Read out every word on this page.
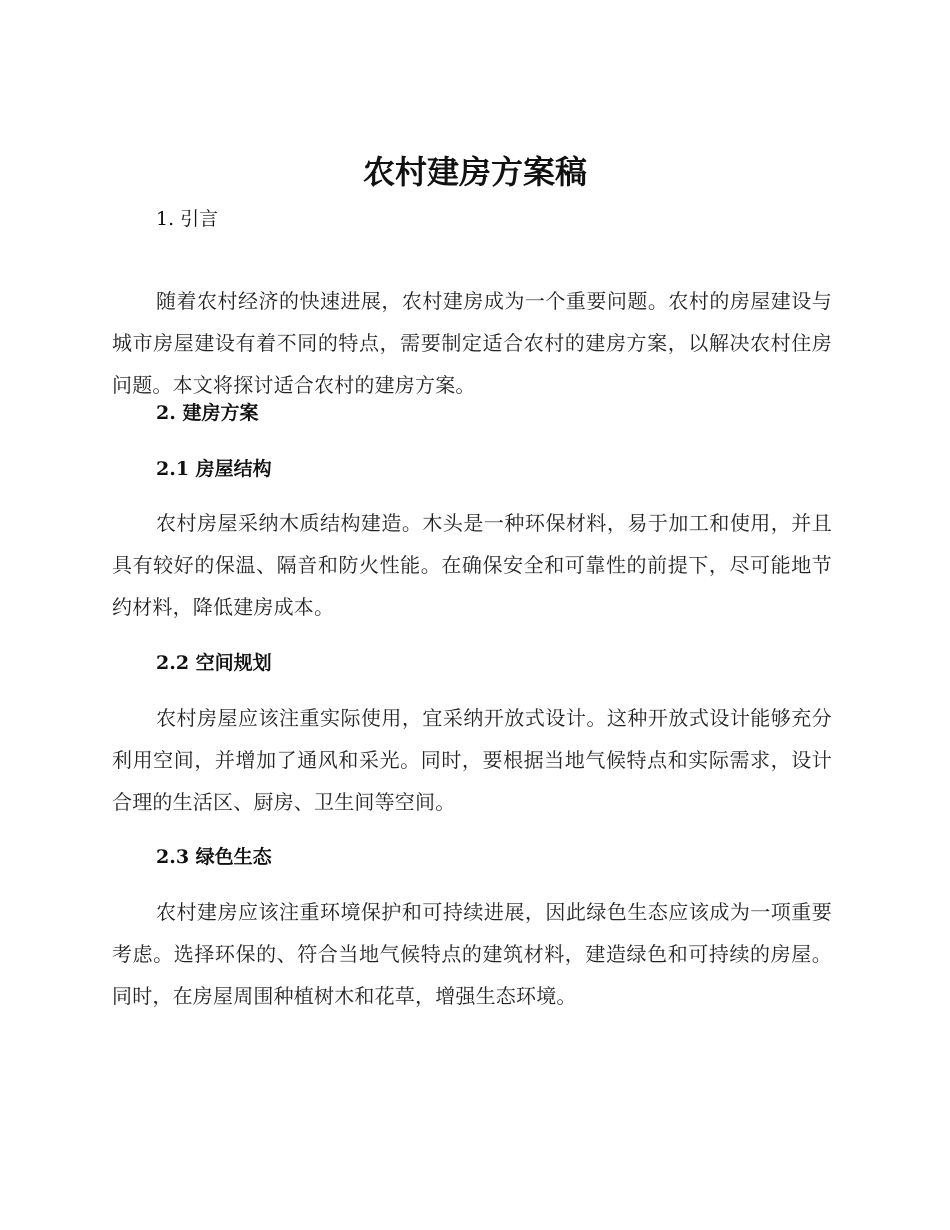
农村建房方案稿
1. 引言

随着农村经济的快速进展，农村建房成为一个重要问题。农村的房屋建设与城市房屋建设有着不同的特点，需要制定适合农村的建房方案，以解决农村住房问题。本文将探讨适合农村的建房方案。

2. 建房方案
2.1 房屋结构

农村房屋采纳木质结构建造。木头是一种环保材料，易于加工和使用，并且具有较好的保温、隔音和防火性能。在确保安全和可靠性的前提下，尽可能地节约材料，降低建房成本。

2.2 空间规划

农村房屋应该注重实际使用，宜采纳开放式设计。这种开放式设计能够充分利用空间，并增加了通风和采光。同时，要根据当地气候特点和实际需求，设计合理的生活区、厨房、卫生间等空间。

2.3 绿色生态

农村建房应该注重环境保护和可持续进展，因此绿色生态应该成为一项重要考虑。选择环保的、符合当地气候特点的建筑材料，建造绿色和可持续的房屋。同时，在房屋周围种植树木和花草，增强生态环境。
